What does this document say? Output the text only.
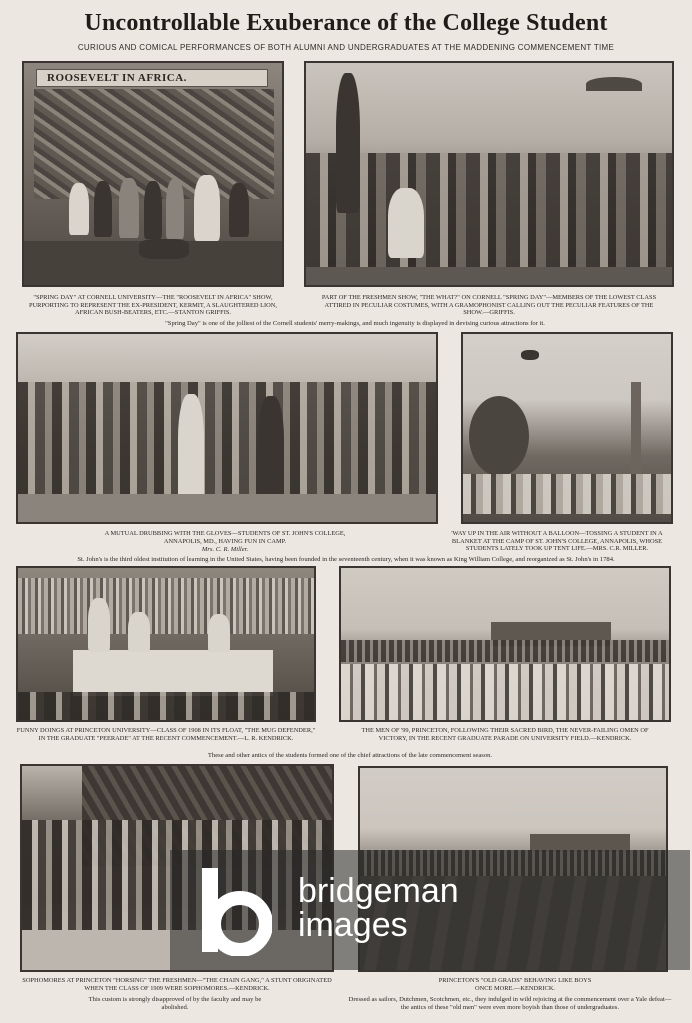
Uncontrollable Exuberance of the College Student
CURIOUS AND COMICAL PERFORMANCES OF BOTH ALUMNI AND UNDERGRADUATES AT THE MADDENING COMMENCEMENT TIME
ROOSEVELT IN AFRICA.
"SPRING DAY" AT CORNELL UNIVERSITY—THE "ROOSEVELT IN AFRICA" SHOW, PURPORTING TO REPRESENT THE EX-PRESIDENT, KERMIT, A SLAUGHTERED LION, AFRICAN BUSH-BEATERS, ETC.—STANTON GRIFFIS.
PART OF THE FRESHMEN SHOW, "THE WHAT?" ON CORNELL "SPRING DAY"—MEMBERS OF THE LOWEST CLASS ATTIRED IN PECULIAR COSTUMES, WITH A GRAMOPHONIST CALLING OUT THE PECULIAR FEATURES OF THE SHOW.—GRIFFIS.
"Spring Day" is one of the jolliest of the Cornell students' merry-makings, and much ingenuity is displayed in devising curious attractions for it.
A MUTUAL DRUBBING WITH THE GLOVES—STUDENTS OF ST. JOHN'S COLLEGE, ANNAPOLIS, MD., HAVING FUN IN CAMP.
Mrs. C. R. Miller.
'WAY UP IN THE AIR WITHOUT A BALLOON—TOSSING A STUDENT IN A BLANKET AT THE CAMP OF ST. JOHN'S COLLEGE, ANNAPOLIS, WHOSE STUDENTS LATELY TOOK UP TENT LIFE.—MRS. C.R. MILLER.
St. John's is the third oldest institution of learning in the United States, having been founded in the seventeenth century, when it was known as King William College, and reorganized as St. John's in 1784.
FUNNY DOINGS AT PRINCETON UNIVERSITY—CLASS OF 1908 IN ITS FLOAT, "THE MUG DEFENDER," IN THE GRADUATE "PEERADE" AT THE RECENT COMMENCEMENT.—L. R. KENDRICK.
THE MEN OF '99, PRINCETON, FOLLOWING THEIR SACRED BIRD, THE NEVER-FAILING OMEN OF VICTORY, IN THE RECENT GRADUATE PARADE ON UNIVERSITY FIELD.—KENDRICK.
These and other antics of the students formed one of the chief attractions of the late commencement season.
SOPHOMORES AT PRINCETON "HORSING" THE FRESHMEN—"THE CHAIN GANG," A STUNT ORIGINATED WHEN THE CLASS OF 1909 WERE SOPHOMORES.—KENDRICK.
This custom is strongly disapproved of by the faculty and may be abolished.
PRINCETON'S "OLD GRADS" BEHAVING LIKE BOYS ONCE MORE.—KENDRICK.
Dressed as sailors, Dutchmen, Scotchmen, etc., they indulged in wild rejoicing at the commencement over a Yale defeat—the antics of these "old men" were even more boyish than those of undergraduates.
bridgeman
images
